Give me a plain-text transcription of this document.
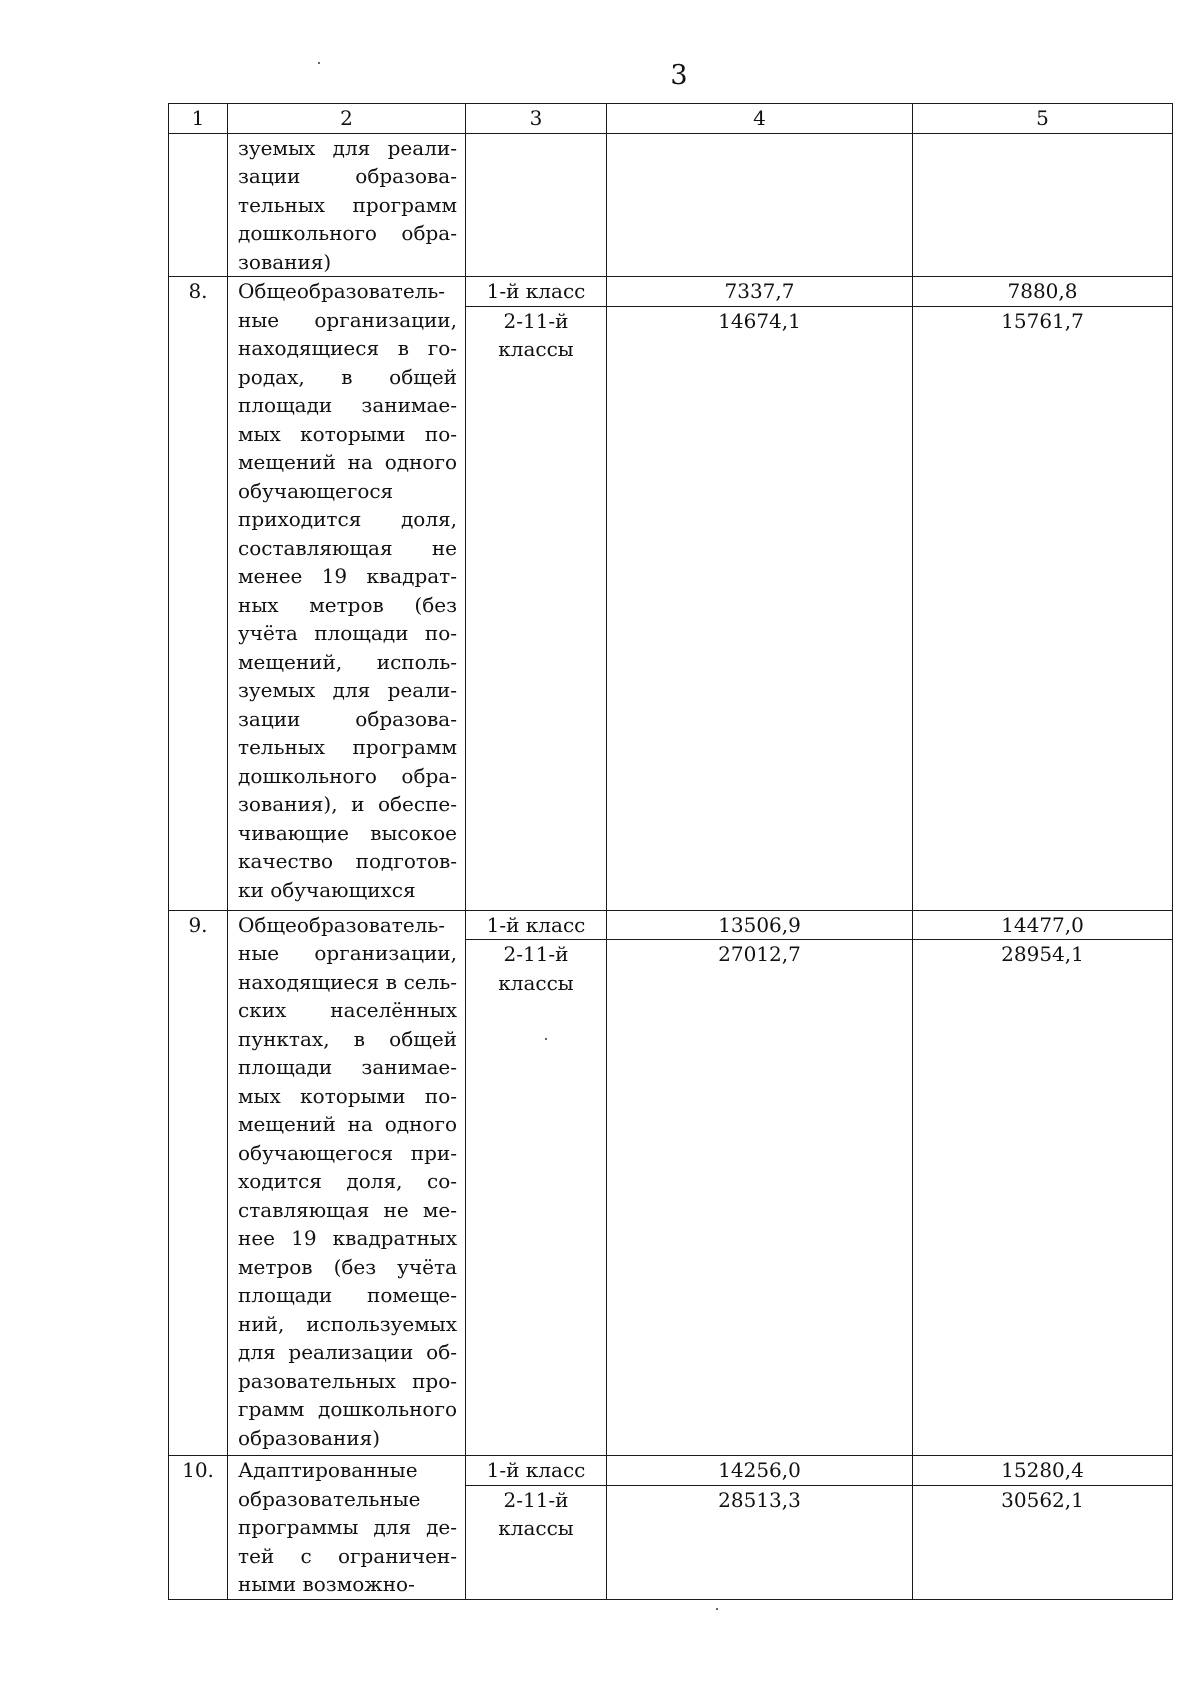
3
1	2	3	4	5
	зуемых для реали-зации образова-тельных программ дошкольного обра-зования)			
8.	Общеобразователь-ные организации, находящиеся в го-родах, в общей площади занимае-мых которыми по-мещений на одного обучающегося приходится доля, составляющая не менее 19 квадрат-ных метров (без учёта площади по-мещений, исполь-зуемых для реали-зации образова-тельных программ дошкольного обра-зования), и обеспе-чивающие высокое качество подготов-ки обучающихся	1-й класс	7337,7	7880,8
		2-11-й классы	14674,1	15761,7
9.	Общеобразователь-ные организации, находящиеся в сель-ских населённых пунктах, в общей площади занимае-мых которыми по-мещений на одного обучающегося при-ходится доля, со-ставляющая не ме-нее 19 квадратных метров (без учёта площади помеще-ний, используемых для реализации об-разовательных про-грамм дошкольного образования)	1-й класс	13506,9	14477,0
		2-11-й классы	27012,7	28954,1
10.	Адаптированные образовательные программы для де-тей с ограничен-ными возможно-	1-й класс	14256,0	15280,4
		2-11-й классы	28513,3	30562,1
